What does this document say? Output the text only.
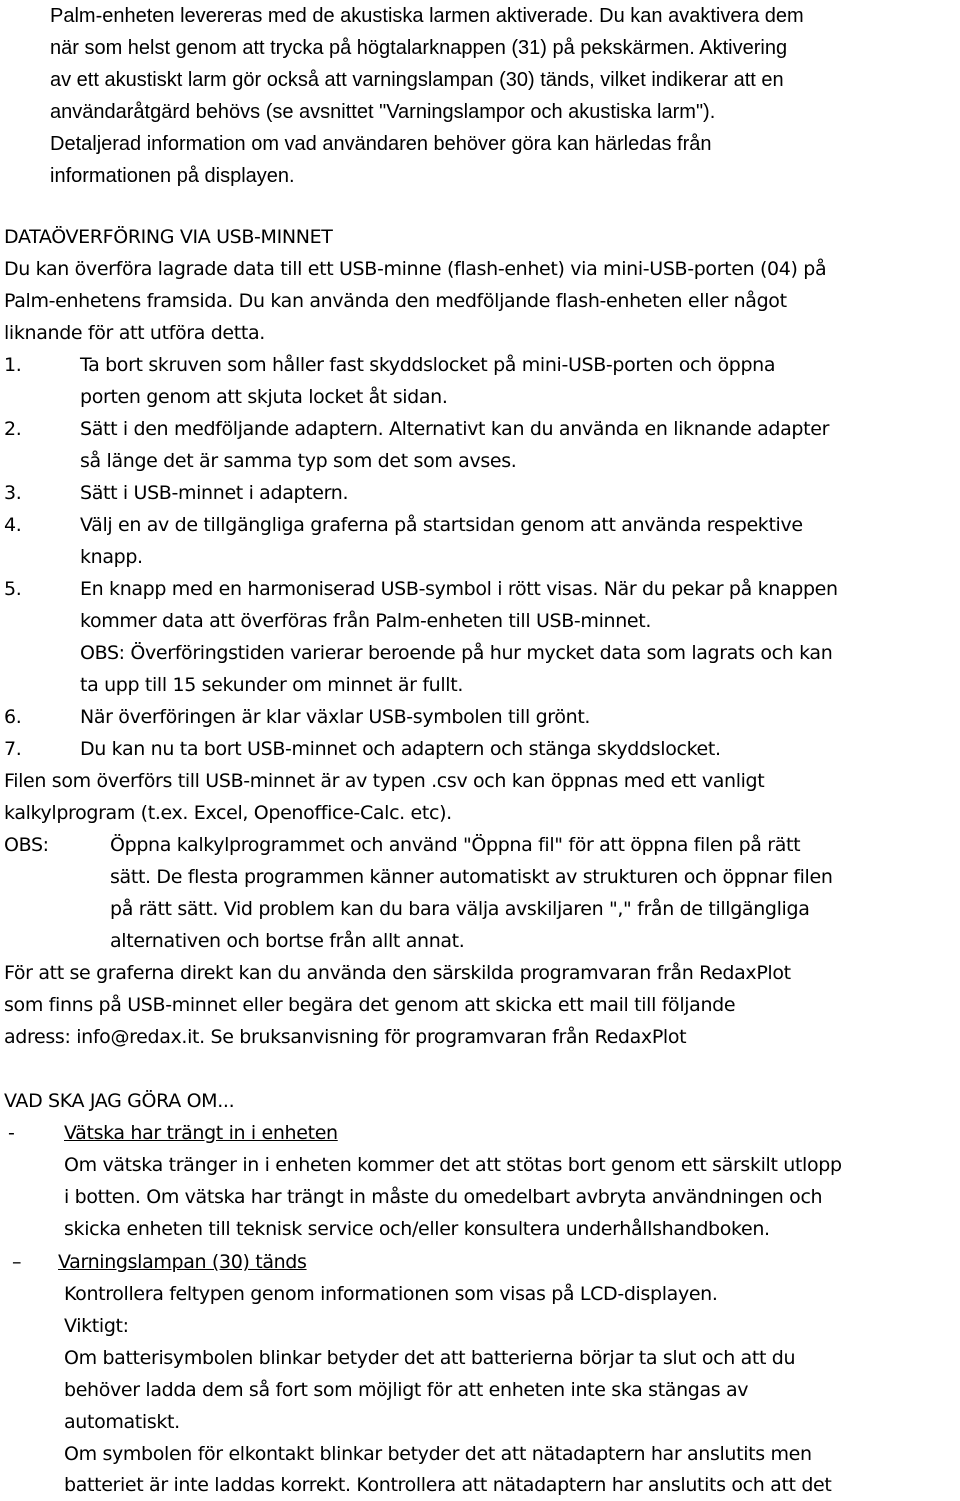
Palm-enheten levereras med de akustiska larmen aktiverade. Du kan avaktivera dem
när som helst genom att trycka på högtalarknappen (31) på pekskärmen. Aktivering
av ett akustiskt larm gör också att varningslampan (30) tänds, vilket indikerar att en
användaråtgärd behövs (se avsnittet "Varningslampor och akustiska larm").
Detaljerad information om vad användaren behöver göra kan härledas från
informationen på displayen.
DATAÖVERFÖRING VIA USB-MINNET
Du kan överföra lagrade data till ett USB-minne (flash-enhet) via mini-USB-porten (04) på
Palm-enhetens framsida. Du kan använda den medföljande flash-enheten eller något
liknande för att utföra detta.
1.	Ta bort skruven som håller fast skyddslocket på mini-USB-porten och öppna
porten genom att skjuta locket åt sidan.
2.	Sätt i den medföljande adaptern. Alternativt kan du använda en liknande adapter
så länge det är samma typ som det som avses.
3.	Sätt i USB-minnet i adaptern.
4.	Välj en av de tillgängliga graferna på startsidan genom att använda respektive
knapp.
5.	En knapp med en harmoniserad USB-symbol i rött visas. När du pekar på knappen
kommer data att överföras från Palm-enheten till USB-minnet.
OBS: Överföringstiden varierar beroende på hur mycket data som lagrats och kan
ta upp till 15 sekunder om minnet är fullt.
6.	När överföringen är klar växlar USB-symbolen till grönt.
7.	Du kan nu ta bort USB-minnet och adaptern och stänga skyddslocket.
Filen som överförs till USB-minnet är av typen .csv och kan öppnas med ett vanligt
kalkylprogram (t.ex. Excel, Openoffice-Calc. etc).
OBS:	Öppna kalkylprogrammet och använd "Öppna fil" för att öppna filen på rätt
sätt. De flesta programmen känner automatiskt av strukturen och öppnar filen
på rätt sätt. Vid problem kan du bara välja avskiljaren "," från de tillgängliga
alternativen och bortse från allt annat.
För att se graferna direkt kan du använda den särskilda programvaran från RedaxPlot
som finns på USB-minnet eller begära det genom att skicka ett mail till följande
adress: info@redax.it. Se bruksanvisning för programvaran från RedaxPlot
VAD SKA JAG GÖRA OM...
-	Vätska har trängt in i enheten
Om vätska tränger in i enheten kommer det att stötas bort genom ett särskilt utlopp
i botten. Om vätska har trängt in måste du omedelbart avbryta användningen och
skicka enheten till teknisk service och/eller konsultera underhållshandboken.
– Varningslampan (30) tänds
Kontrollera feltypen genom informationen som visas på LCD-displayen.
Viktigt:
Om batterisymbolen blinkar betyder det att batterierna börjar ta slut och att du
behöver ladda dem så fort som möjligt för att enheten inte ska stängas av
automatiskt.
Om symbolen för elkontakt blinkar betyder det att nätadaptern har anslutits men
batteriet är inte laddas korrekt. Kontrollera att nätadaptern har anslutits och att det
